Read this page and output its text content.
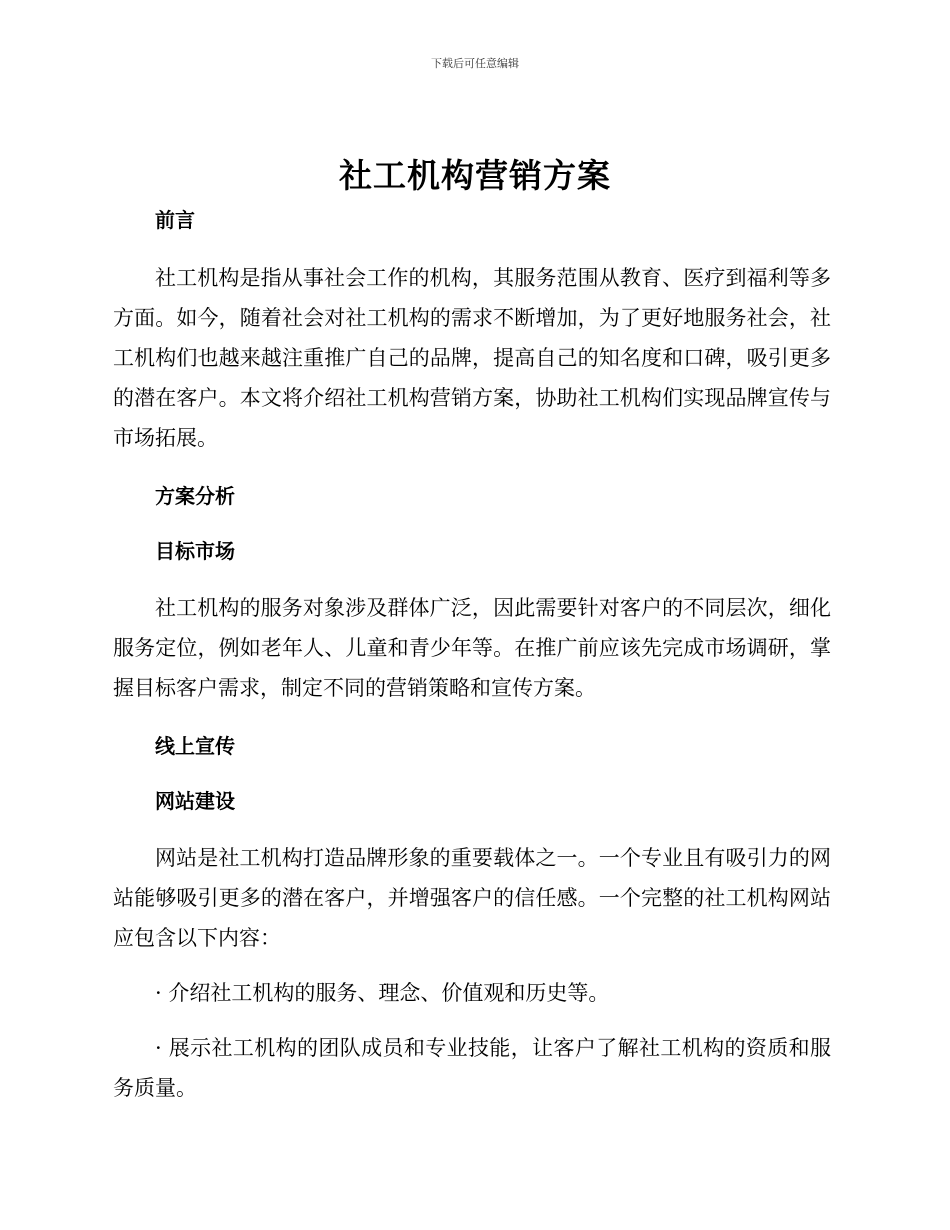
下载后可任意编辑
社工机构营销方案

前言

社工机构是指从事社会工作的机构，其服务范围从教育、医疗到福利等多方面。如今，随着社会对社工机构的需求不断增加，为了更好地服务社会，社工机构们也越来越注重推广自己的品牌，提高自己的知名度和口碑，吸引更多的潜在客户。本文将介绍社工机构营销方案，协助社工机构们实现品牌宣传与市场拓展。

方案分析

目标市场

社工机构的服务对象涉及群体广泛，因此需要针对客户的不同层次，细化服务定位，例如老年人、儿童和青少年等。在推广前应该先完成市场调研，掌握目标客户需求，制定不同的营销策略和宣传方案。

线上宣传

网站建设

网站是社工机构打造品牌形象的重要载体之一。一个专业且有吸引力的网站能够吸引更多的潜在客户，并增强客户的信任感。一个完整的社工机构网站应包含以下内容：

· 介绍社工机构的服务、理念、价值观和历史等。

· 展示社工机构的团队成员和专业技能，让客户了解社工机构的资质和服务质量。
